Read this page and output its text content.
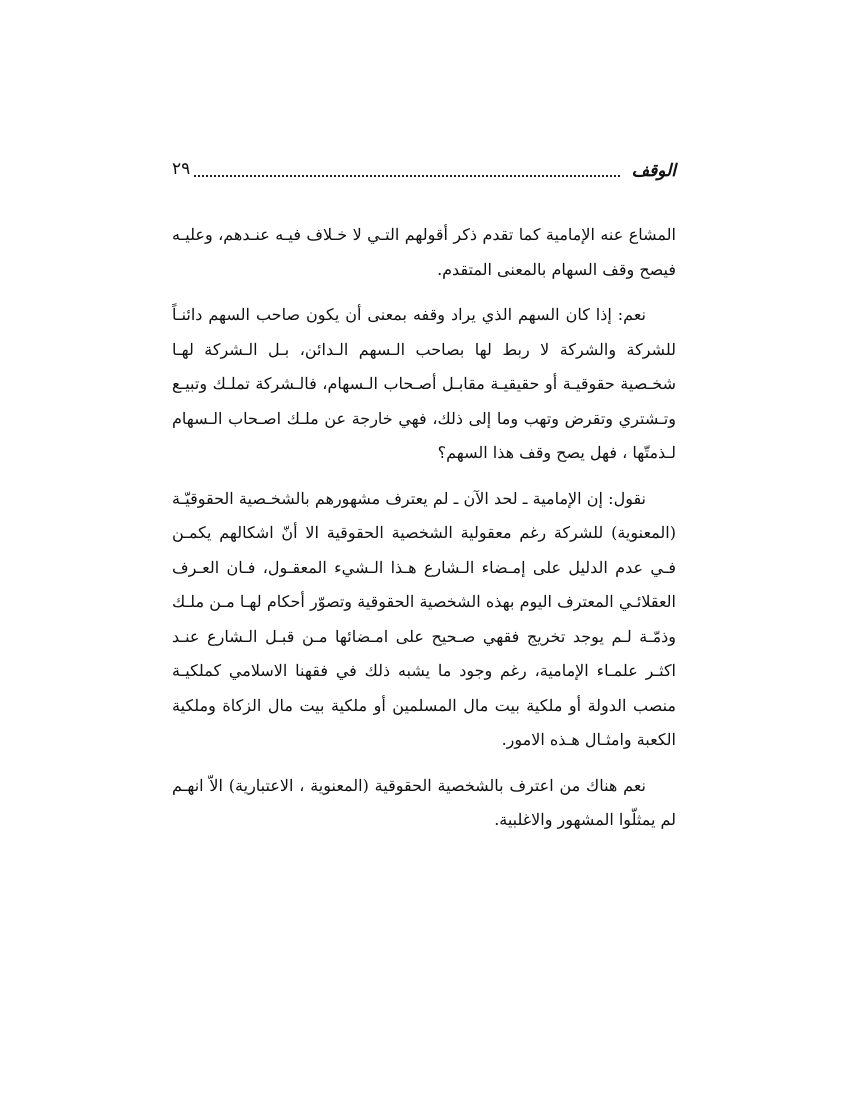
الوقف
٢٩

المشاع عنه الإمامية كما تقدم ذكر أقولهم التـي لا خـلاف فيـه عنـدهم، وعليـه فيصح وقف السهام بالمعنى المتقدم.

نعم: إذا كان السهم الذي يراد وقفه بمعنى أن يكون صاحب السهم دائنـاً للشركة والشركة لا ربط لها بصاحب الـسهم الـدائن، بـل الـشركة لهـا شخـصية حقوقيـة أو حقيقيـة مقابـل أصـحاب الـسهام، فالـشركة تملـك وتبيـع وتـشتري وتقرض وتهب وما إلى ذلك، فهي خارجة عن ملـك اصـحاب الـسهام لـذمتّها ، فهل يصح وقف هذا السهم؟

نقول: إن الإمامية ـ لحد الآن ـ لم يعترف مشهورهم بالشخـصية الحقوقيّـة (المعنوية) للشركة رغم معقولية الشخصية الحقوقية الا أنّ اشكالهم يكمـن فـي عدم الدليل على إمـضاء الـشارع هـذا الـشيء المعقـول، فـان العـرف العقلائـي المعترف اليوم بهذه الشخصية الحقوقية وتصوّر أحكام لهـا مـن ملـك وذمّـة لـم يوجد تخريج فقهي صـحيح على امـضائها مـن قبـل الـشارع عنـد اكثـر علمـاء الإمامية، رغم وجود ما يشبه ذلك في فقهنا الاسلامي كملكيـة منصب الدولة أو ملكية بيت مال المسلمين أو ملكية بيت مال الزكاة وملكية الكعبة وامثـال هـذه الامور.

نعم هناك من اعترف بالشخصية الحقوقية (المعنوية ، الاعتبارية) الاّ انهـم لم يمثلّوا المشهور والاغلبية.
